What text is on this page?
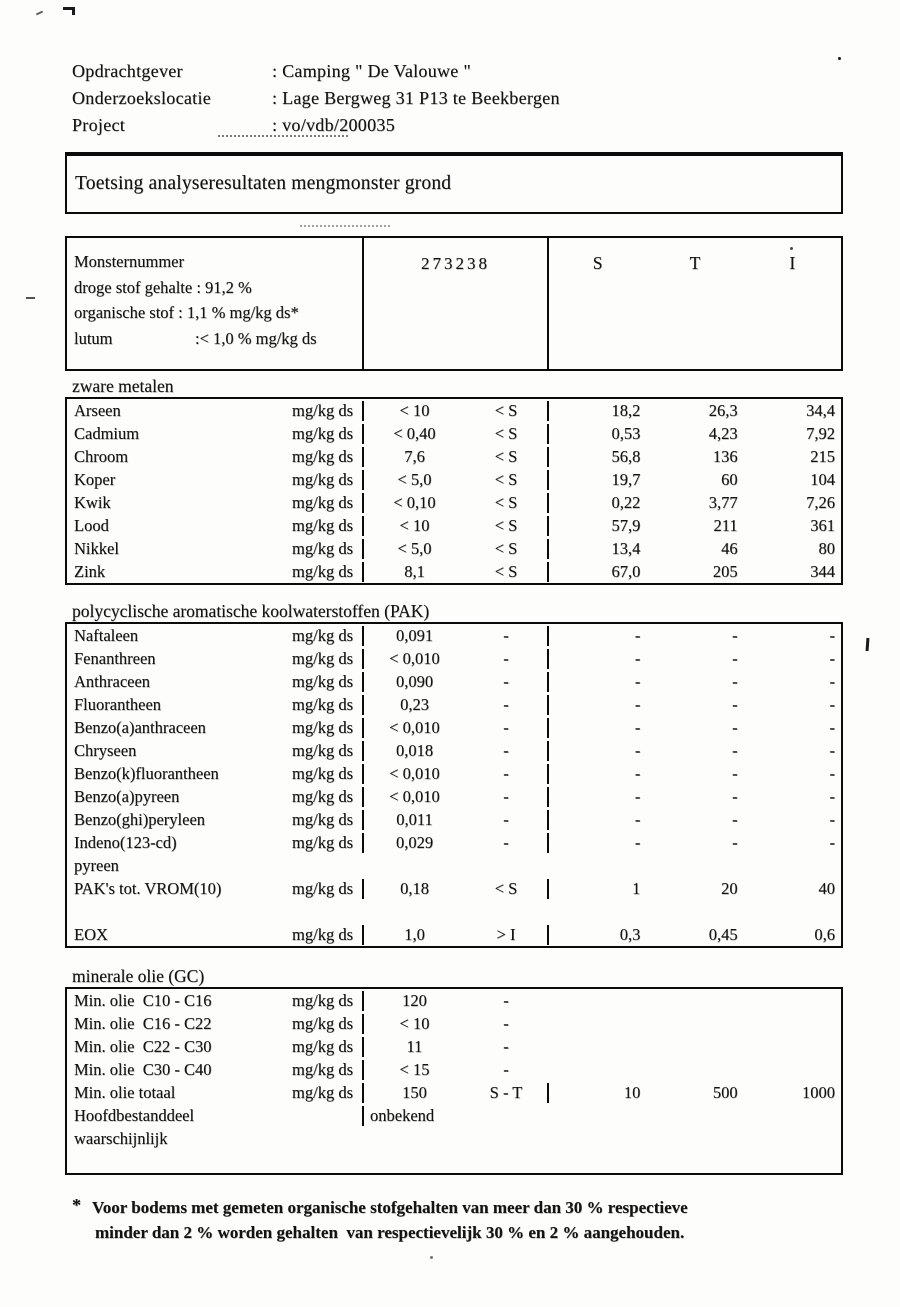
Opdrachtgever	: Camping " De Valouwe "
Onderzoekslocatie	: Lage Bergweg 31 P13 te Beekbergen
Project	: vo/vdb/200035
Toetsing analyseresultaten mengmonster grond
Monsternummer
droge stof gehalte : 91,2 %
organische stof : 1,1 % mg/kg ds*
lutum                    :< 1,0 % mg/kg ds
273238	S	T	I
zware metalen
Arseen	mg/kg ds	< 10	< S	18,2	26,3	34,4
Cadmium	mg/kg ds	< 0,40	< S	0,53	4,23	7,92
Chroom	mg/kg ds	7,6	< S	56,8	136	215
Koper	mg/kg ds	< 5,0	< S	19,7	60	104
Kwik	mg/kg ds	< 0,10	< S	0,22	3,77	7,26
Lood	mg/kg ds	< 10	< S	57,9	211	361
Nikkel	mg/kg ds	< 5,0	< S	13,4	46	80
Zink	mg/kg ds	8,1	< S	67,0	205	344
polycyclische aromatische koolwaterstoffen (PAK)
Naftaleen	mg/kg ds	0,091	-	-	-	-
Fenanthreen	mg/kg ds	< 0,010	-	-	-	-
Anthraceen	mg/kg ds	0,090	-	-	-	-
Fluorantheen	mg/kg ds	0,23	-	-	-	-
Benzo(a)anthraceen	mg/kg ds	< 0,010	-	-	-	-
Chryseen	mg/kg ds	0,018	-	-	-	-
Benzo(k)fluorantheen	mg/kg ds	< 0,010	-	-	-	-
Benzo(a)pyreen	mg/kg ds	< 0,010	-	-	-	-
Benzo(ghi)peryleen	mg/kg ds	0,011	-	-	-	-
Indeno(123-cd)	mg/kg ds	0,029	-	-	-	-
pyreen
PAK's tot. VROM(10)	mg/kg ds	0,18	< S	1	20	40
EOX	mg/kg ds	1,0	> I	0,3	0,45	0,6
minerale olie (GC)
Min. olie  C10 - C16	mg/kg ds	120	-
Min. olie  C16 - C22	mg/kg ds	< 10	-
Min. olie  C22 - C30	mg/kg ds	11	-
Min. olie  C30 - C40	mg/kg ds	< 15	-
Min. olie totaal	mg/kg ds	150	S - T	10	500	1000
Hoofdbestanddeel	onbekend
waarschijnlijk
* Voor bodems met gemeten organische stofgehalten van meer dan 30 % respectieve
minder dan 2 % worden gehalten  van respectievelijk 30 % en 2 % aangehouden.
